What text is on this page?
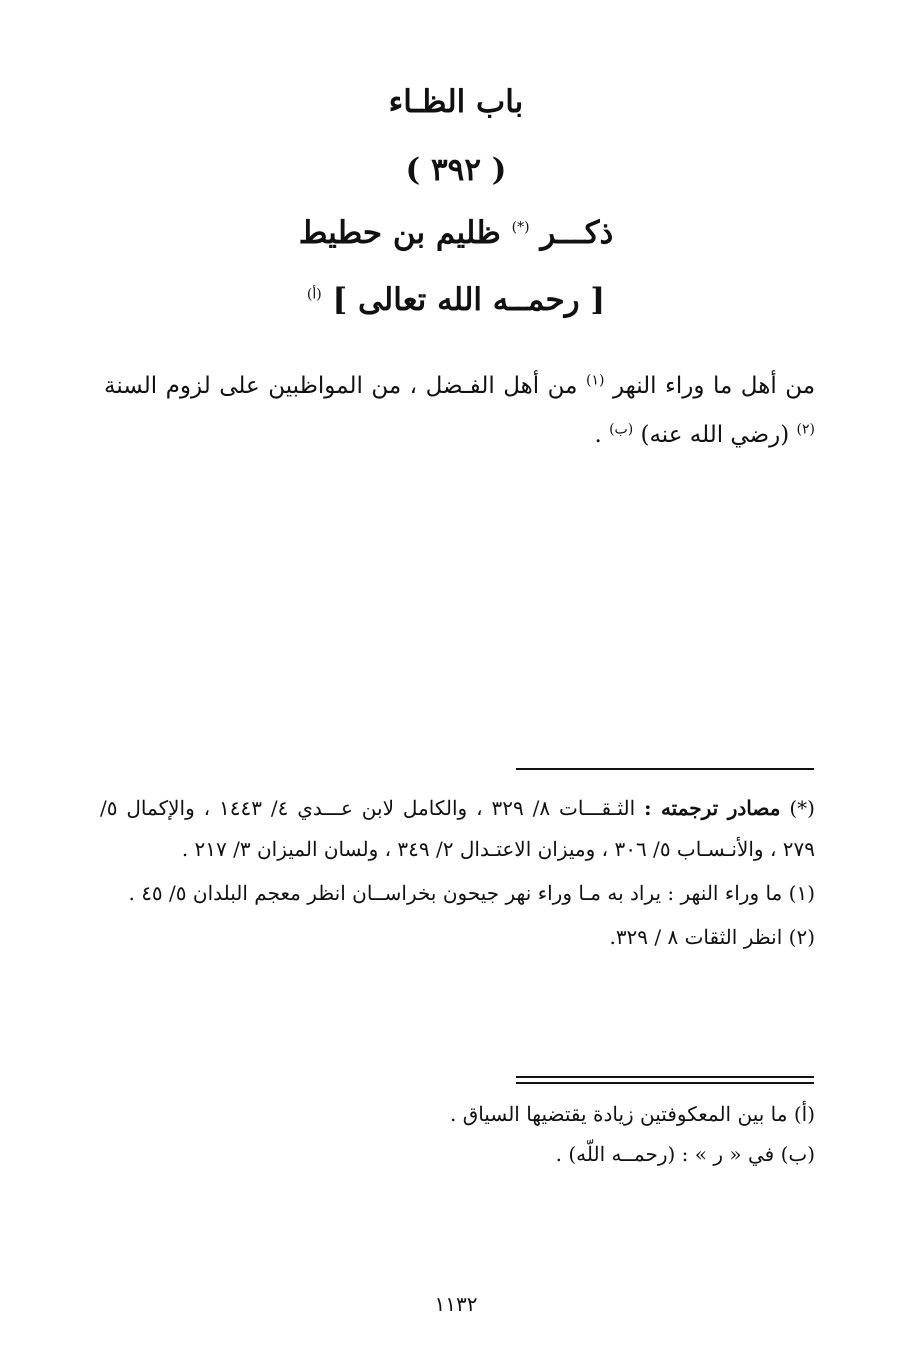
باب الظـاء
( ٣٩٢ )
ذكـــر (*) ظليم بن حطيط
[ رحمــه الله تعالى ] $^{(أ)}$

من أهل ما وراء النهر $^{(١)}$ من أهل الفـضل ، من المواظبين على لزوم السنة $^{(٢)}$ (رضي الله عنه) $^{(ب)}$ .

(*) مصادر ترجمته : الثـقـــات ٨/ ٣٢٩ ، والكامل لابن عـــدي ٤/ ١٤٤٣ ، والإكمال ٥/ ٢٧٩ ، والأنـسـاب ٥/ ٣٠٦ ، وميزان الاعتـدال ٢/ ٣٤٩ ، ولسان الميزان ٣/ ٢١٧ .

(١) ما وراء النهر : يراد به مـا وراء نهر جيحون بخراســان انظر معجم البلدان ٥/ ٤٥ .

(٢) انظر الثقات ٨ / ٣٢٩.

(أ) ما بين المعكوفتين زيادة يقتضيها السياق .

(ب) في « ر » : (رحمــه اللّه) .

١١٣٢
